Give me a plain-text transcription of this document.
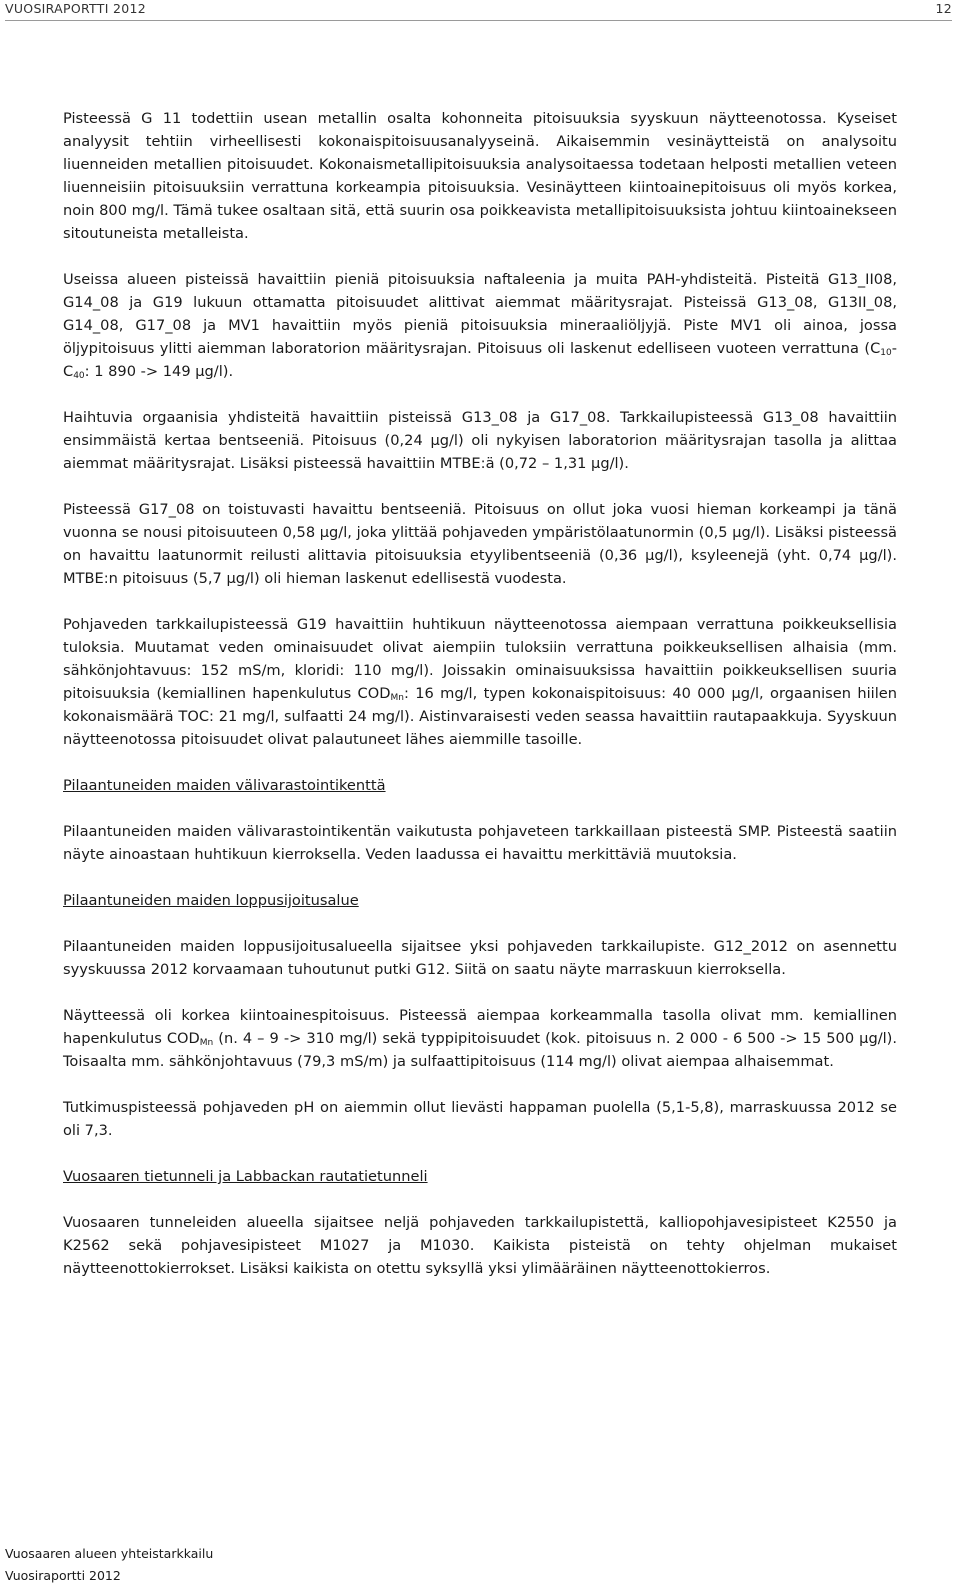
VUOSIRAPORTTI 2012	12

Pisteessä G 11 todettiin usean metallin osalta kohonneita pitoisuuksia syyskuun näytteenotossa. Kyseiset analyysit tehtiin virheellisesti kokonaispitoisuusanalyyseinä. Aikaisemmin vesinäytteistä on analysoitu liuenneiden metallien pitoisuudet. Kokonaismetallipitoisuuksia analysoitaessa todetaan helposti metallien veteen liuenneisiin pitoisuuksiin verrattuna korkeampia pitoisuuksia. Vesinäytteen kiintoainepitoisuus oli myös korkea, noin 800 mg/l. Tämä tukee osaltaan sitä, että suurin osa poikkeavista metallipitoisuuksista johtuu kiintoainekseen sitoutuneista metalleista.

Useissa alueen pisteissä havaittiin pieniä pitoisuuksia naftaleenia ja muita PAH-yhdisteitä. Pisteitä G13_II08, G14_08 ja G19 lukuun ottamatta pitoisuudet alittivat aiemmat määritysrajat. Pisteissä G13_08, G13II_08, G14_08, G17_08 ja MV1 havaittiin myös pieniä pitoisuuksia mineraaliöljyjä. Piste MV1 oli ainoa, jossa öljypitoisuus ylitti aiemman laboratorion määritysrajan. Pitoisuus oli laskenut edelliseen vuoteen verrattuna ($C_{10}-C_{40}$: 1 890 -> 149 µg/l).

Haihtuvia orgaanisia yhdisteitä havaittiin pisteissä G13_08 ja G17_08. Tarkkailupisteessä G13_08 havaittiin ensimmäistä kertaa bentseeniä. Pitoisuus (0,24 µg/l) oli nykyisen laboratorion määritysrajan tasolla ja alittaa aiemmat määritysrajat. Lisäksi pisteessä havaittiin MTBE:ä (0,72 – 1,31 µg/l).

Pisteessä G17_08 on toistuvasti havaittu bentseeniä. Pitoisuus on ollut joka vuosi hieman korkeampi ja tänä vuonna se nousi pitoisuuteen 0,58 µg/l, joka ylittää pohjaveden ympäristölaatunormin (0,5 µg/l). Lisäksi pisteessä on havaittu laatunormit reilusti alittavia pitoisuuksia etyylibentseeniä (0,36 µg/l), ksyleenejä (yht. 0,74 µg/l). MTBE:n pitoisuus (5,7 µg/l) oli hieman laskenut edellisestä vuodesta.

Pohjaveden tarkkailupisteessä G19 havaittiin huhtikuun näytteenotossa aiempaan verrattuna poikkeuksellisia tuloksia. Muutamat veden ominaisuudet olivat aiempiin tuloksiin verrattuna poikkeuksellisen alhaisia (mm. sähkönjohtavuus: 152 mS/m, kloridi: 110 mg/l). Joissakin ominaisuuksissa havaittiin poikkeuksellisen suuria pitoisuuksia (kemiallinen hapenkulutus $COD_{Mn}$: 16 mg/l, typen kokonaispitoisuus: 40 000 µg/l, orgaanisen hiilen kokonaismäärä TOC: 21 mg/l, sulfaatti 24 mg/l). Aistinvaraisesti veden seassa havaittiin rautapaakkuja. Syyskuun näytteenotossa pitoisuudet olivat palautuneet lähes aiemmille tasoille.

Pilaantuneiden maiden välivarastointikenttä

Pilaantuneiden maiden välivarastointikentän vaikutusta pohjaveteen tarkkaillaan pisteestä SMP. Pisteestä saatiin näyte ainoastaan huhtikuun kierroksella. Veden laadussa ei havaittu merkittäviä muutoksia.

Pilaantuneiden maiden loppusijoitusalue

Pilaantuneiden maiden loppusijoitusalueella sijaitsee yksi pohjaveden tarkkailupiste. G12_2012 on asennettu syyskuussa 2012 korvaamaan tuhoutunut putki G12. Siitä on saatu näyte marraskuun kierroksella.

Näytteessä oli korkea kiintoainespitoisuus. Pisteessä aiempaa korkeammalla tasolla olivat mm. kemiallinen hapenkulutus $COD_{Mn}$ (n. 4 – 9 -> 310 mg/l) sekä typpipitoisuudet (kok. pitoisuus n. 2 000 - 6 500 -> 15 500 µg/l). Toisaalta mm. sähkönjohtavuus (79,3 mS/m) ja sulfaattipitoisuus (114 mg/l) olivat aiempaa alhaisemmat.

Tutkimuspisteessä pohjaveden pH on aiemmin ollut lievästi happaman puolella (5,1-5,8), marraskuussa 2012 se oli 7,3.

Vuosaaren tietunneli ja Labbackan rautatietunneli

Vuosaaren tunneleiden alueella sijaitsee neljä pohjaveden tarkkailupistettä, kalliopohjavesipisteet K2550 ja K2562 sekä pohjavesipisteet M1027 ja M1030. Kaikista pisteistä on tehty ohjelman mukaiset näytteenottokierrokset. Lisäksi kaikista on otettu syksyllä yksi ylimääräinen näytteenottokierros.

Vuosaaren alueen yhteistarkkailu
Vuosiraportti 2012
